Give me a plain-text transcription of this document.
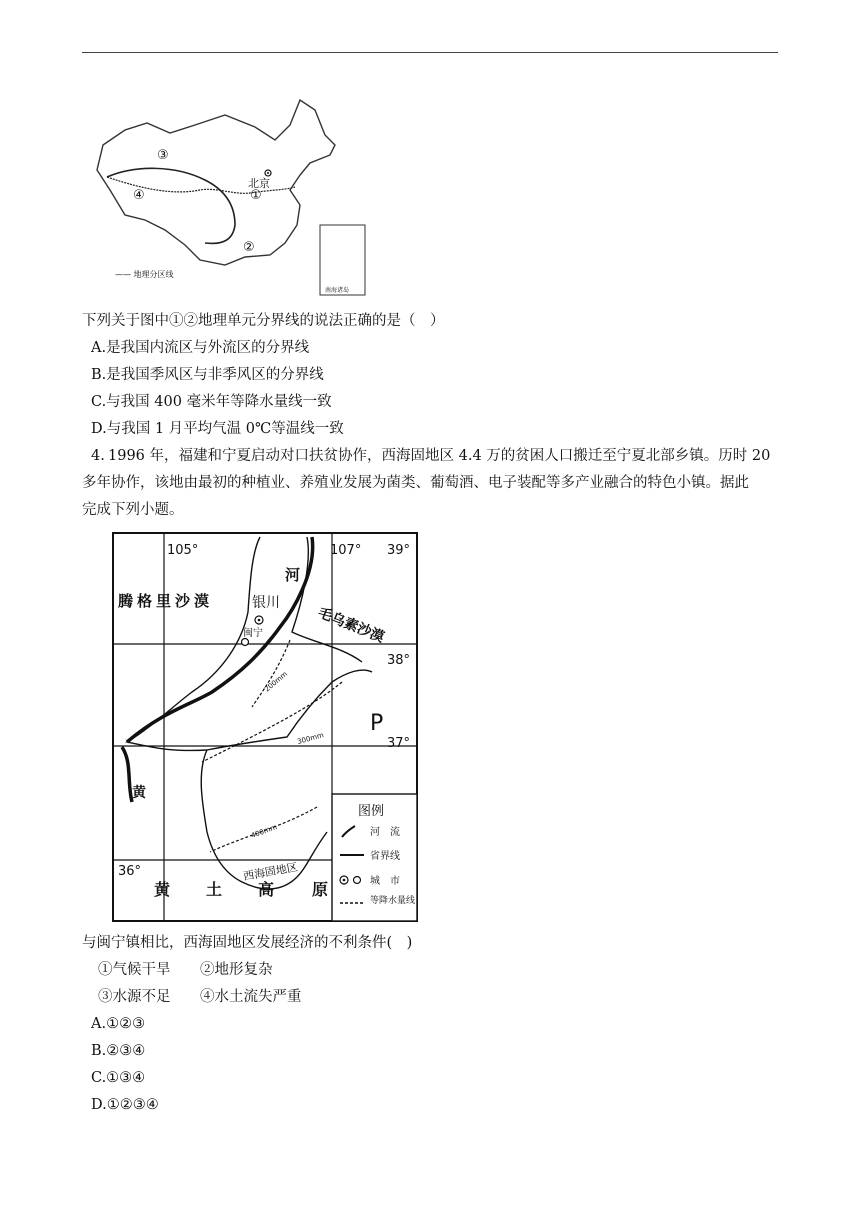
③
④	①
②
北京
南海诸岛
—— 地理分区线
下列关于图中①②地理单元分界线的说法正确的是（　）
A.是我国内流区与外流区的分界线
B.是我国季风区与非季风区的分界线
C.与我国 400 毫米年等降水量线一致
D.与我国 1 月平均气温 0℃等温线一致
4. 1996 年，福建和宁夏启动对口扶贫协作，西海固地区 4.4 万的贫困人口搬迁至宁夏北部乡镇。历时 20
多年协作，该地由最初的种植业、养殖业发展为菌类、葡萄酒、电子装配等多产业融合的特色小镇。据此
完成下列小题。
105°	107° 39°
38°
37°
36°
腾格里沙漠
毛乌素沙漠
河
黄
银川
闽宁
P
200mm
300mm
400mm
西海固地区
黄 土 高 原
图例
河　流
省界线
城　市
等降水量线
与闽宁镇相比，西海固地区发展经济的不利条件(　)
①气候干旱 ②地形复杂
③水源不足 ④水土流失严重
A.①②③
B.②③④
C.①③④
D.①②③④
